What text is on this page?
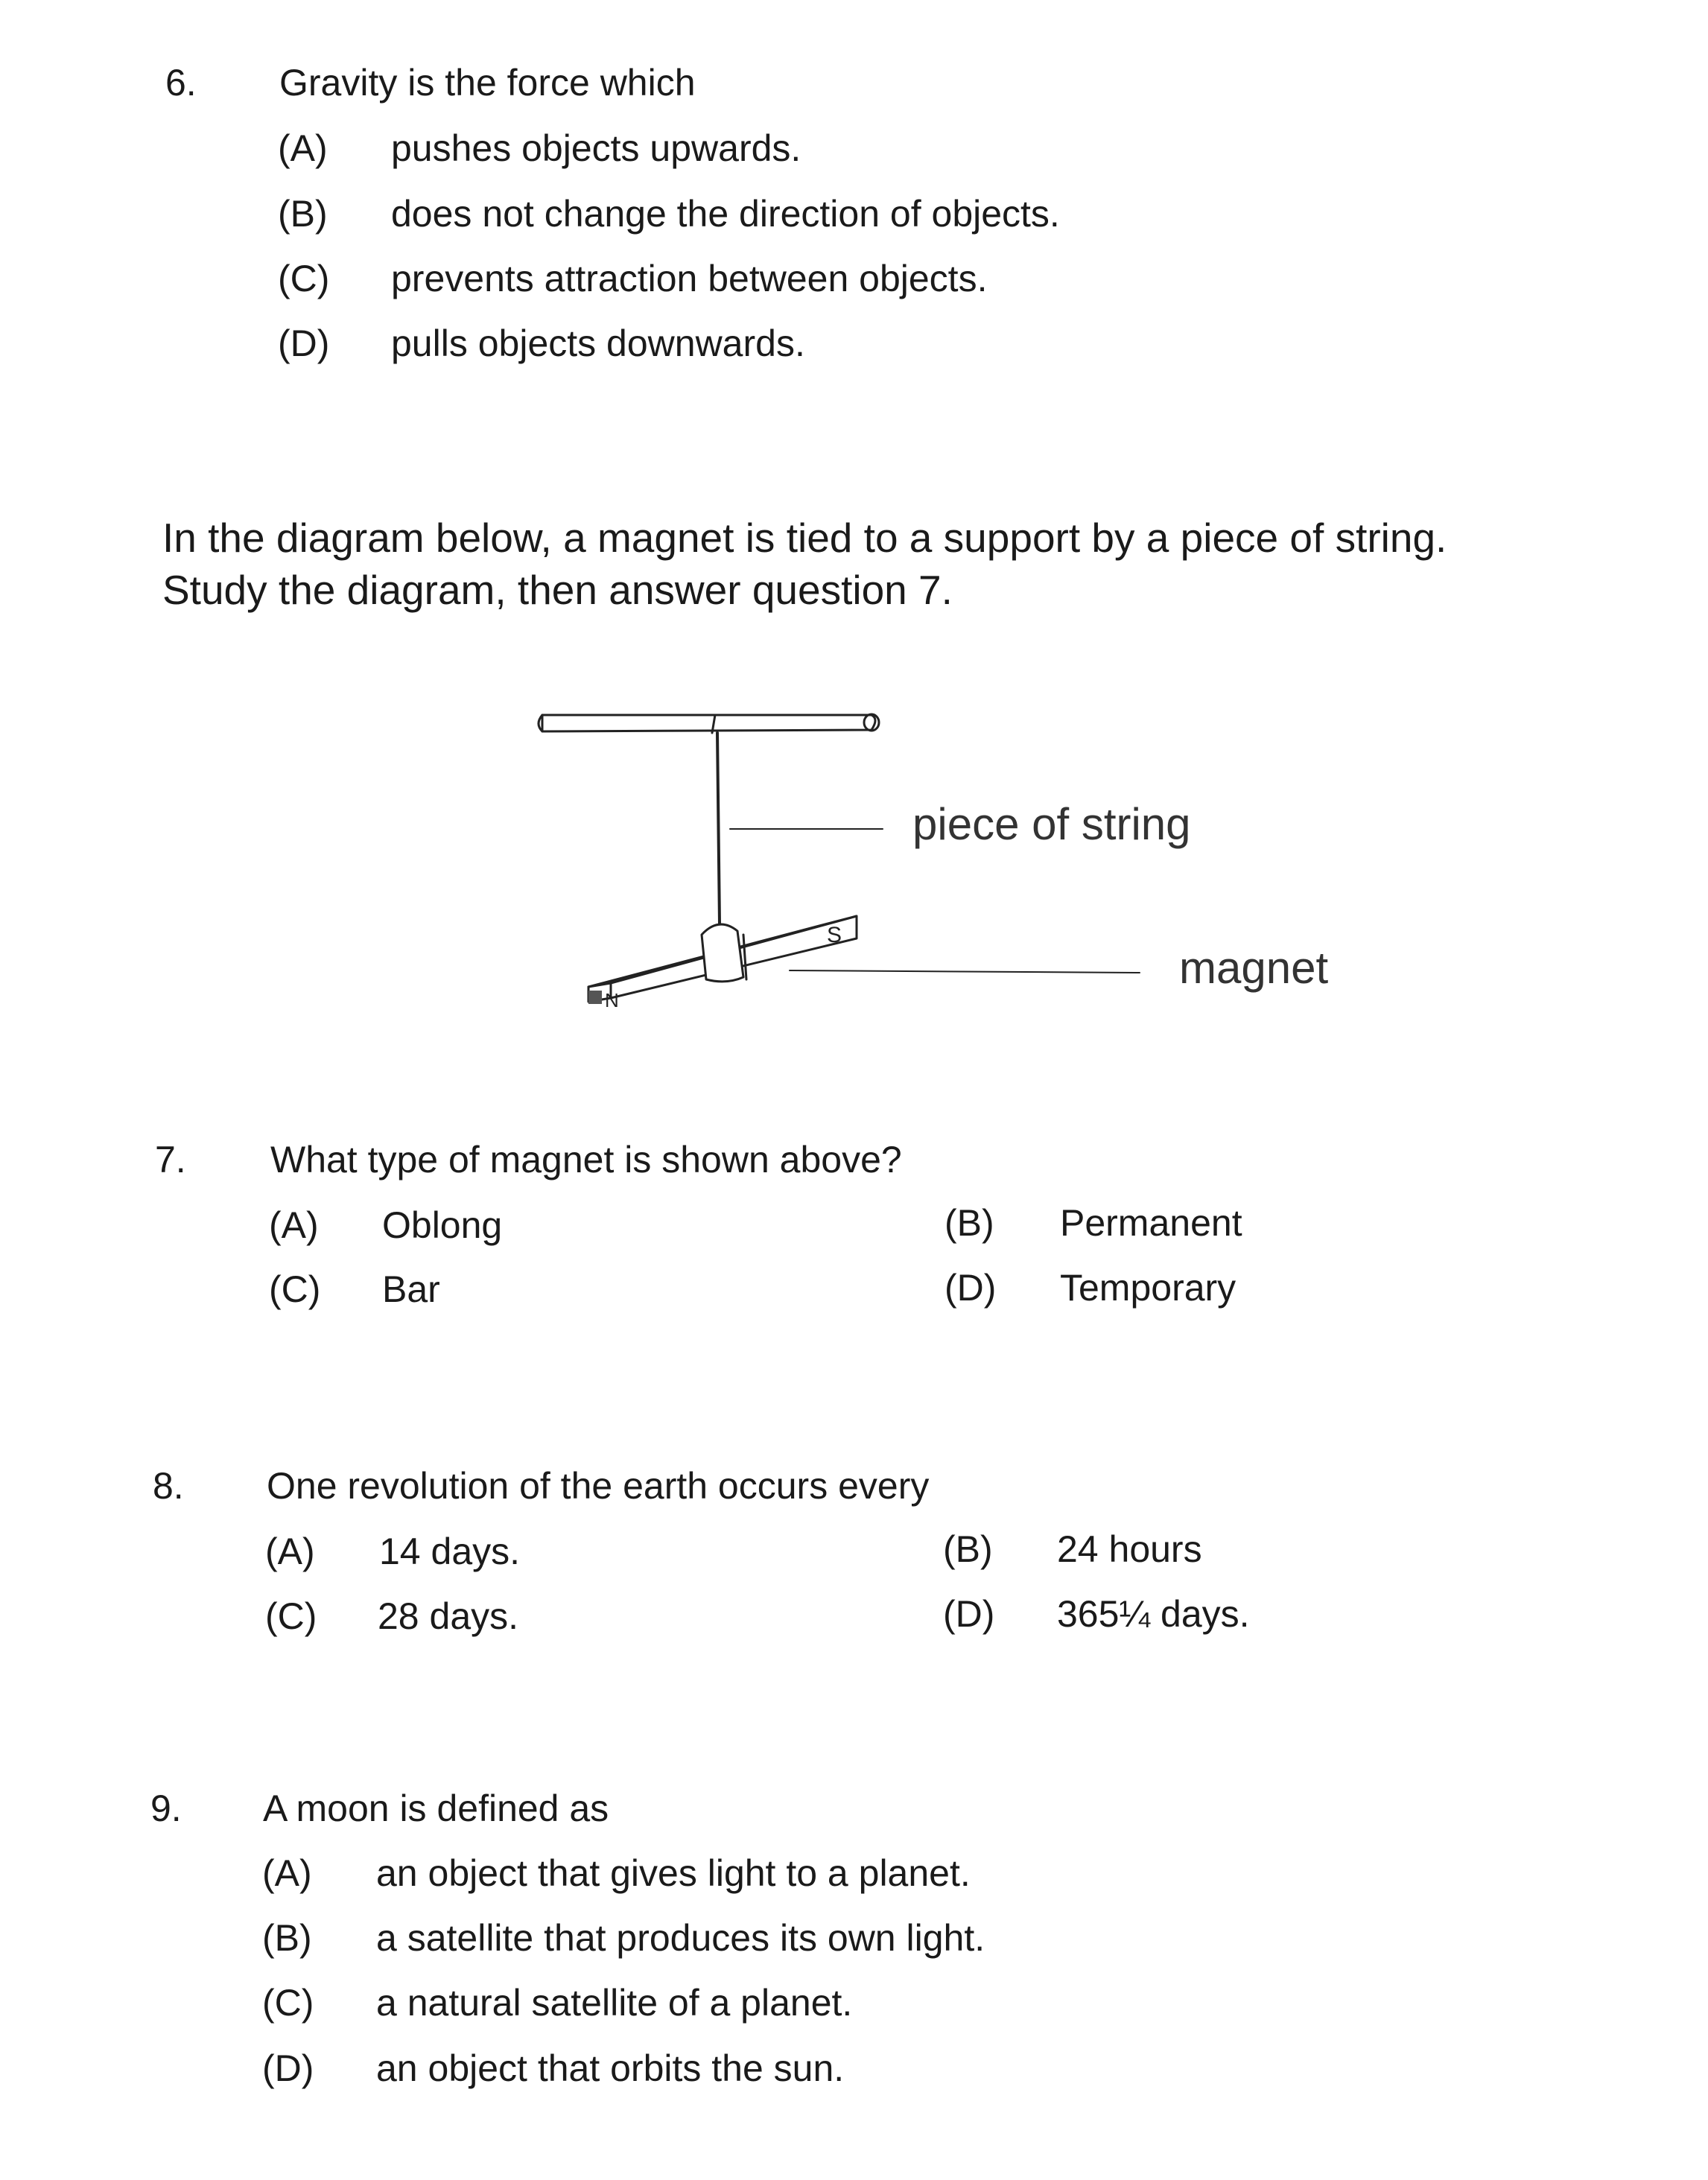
6. Gravity is the force which
(A) pushes objects upwards.
(B) does not change the direction of objects.
(C) prevents attraction between objects.
(D) pulls objects downwards.
In the diagram below, a magnet is tied to a support by a piece of string.
Study the diagram, then answer question 7.
S
N
piece of string
magnet
7. What type of magnet is shown above?
(A) Oblong	(B) Permanent
(C) Bar	(D) Temporary
8. One revolution of the earth occurs every
(A) 14 days.	(B) 24 hours
(C) 28 days.	(D) 365¼ days.
9. A moon is defined as
(A) an object that gives light to a planet.
(B) a satellite that produces its own light.
(C) a natural satellite of a planet.
(D) an object that orbits the sun.
